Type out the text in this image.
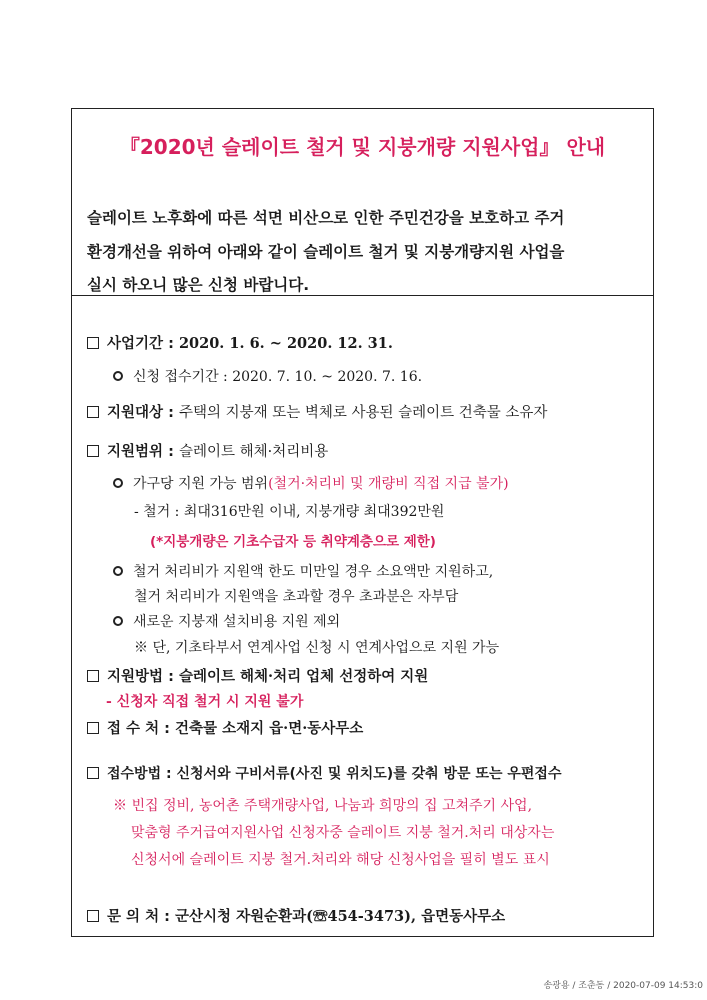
『2020년 슬레이트 철거 및 지붕개량 지원사업』 안내
슬레이트 노후화에 따른 석면 비산으로 인한 주민건강을 보호하고 주거
환경개선을 위하여 아래와 같이 슬레이트 철거 및 지붕개량지원 사업을
실시 하오니 많은 신청 바랍니다.
사업기간 : 2020. 1. 6. ~ 2020. 12. 31.
신청 접수기간 : 2020. 7. 10. ~ 2020. 7. 16.
지원대상 : 주택의 지붕재 또는 벽체로 사용된 슬레이트 건축물 소유자
지원범위 : 슬레이트 해체·처리비용
가구당 지원 가능 범위(철거·처리비 및 개량비 직접 지급 불가)
- 철거 : 최대316만원 이내, 지붕개량 최대392만원
(*지붕개량은 기초수급자 등 취약계층으로 제한)
철거 처리비가 지원액 한도 미만일 경우 소요액만 지원하고,
철거 처리비가 지원액을 초과할 경우 초과분은 자부담
새로운 지붕재 설치비용 지원 제외
※ 단, 기초타부서 연계사업 신청 시 연계사업으로 지원 가능
지원방법 : 슬레이트 해체·처리 업체 선정하여 지원
- 신청자 직접 철거 시 지원 불가
접 수 처 : 건축물 소재지 읍·면·동사무소
접수방법 : 신청서와 구비서류(사진 및 위치도)를 갖춰 방문 또는 우편접수
※ 빈집 정비, 농어촌 주택개량사업, 나눔과 희망의 집 고쳐주기 사업,
맞춤형 주거급여지원사업 신청자중 슬레이트 지붕 철거.처리 대상자는
신청서에 슬레이트 지붕 철거.처리와 해당 신청사업을 필히 별도 표시
문 의 처 : 군산시청 자원순환과(☏454-3473), 읍면동사무소
송광용 / 조춘동 / 2020-07-09 14:53:0
